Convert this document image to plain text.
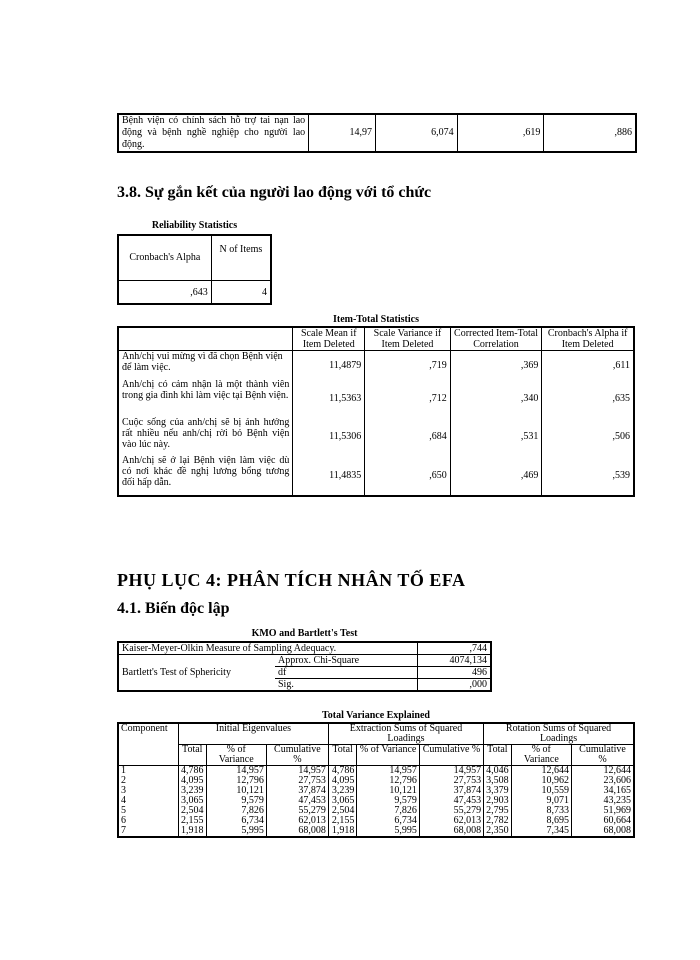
Bệnh viện có chính sách hỗ trợ tai nạn lao động và bệnh nghề nghiệp cho người lao động.	14,97	6,074	,619	,886
3.8. Sự gắn kết của người lao động với tổ chức
Reliability Statistics
Cronbach's Alpha	N of Items
,643	4
Item-Total Statistics
	Scale Mean if Item Deleted	Scale Variance if Item Deleted	Corrected Item-Total Correlation	Cronbach's Alpha if Item Deleted
Anh/chị vui mừng vì đã chọn Bệnh viện để làm việc.	11,4879	,719	,369	,611
Anh/chị có cảm nhận là một thành viên trong gia đình khi làm việc tại Bệnh viện.	11,5363	,712	,340	,635
Cuộc sống của anh/chị sẽ bị ảnh hưởng rất nhiều nếu anh/chị rời bỏ Bệnh viện vào lúc này.	11,5306	,684	,531	,506
Anh/chị sẽ ở lại Bệnh viện làm việc dù có nơi khác đề nghị lương bổng tương đối hấp dẫn.	11,4835	,650	,469	,539
PHỤ LỤC 4: PHÂN TÍCH NHÂN TỐ EFA
4.1. Biến độc lập
KMO and Bartlett's Test
Kaiser-Meyer-Olkin Measure of Sampling Adequacy.		,744
Bartlett's Test of Sphericity	Approx. Chi-Square	4074,134
	df	496
	Sig.	,000
Total Variance Explained
Component	Initial Eigenvalues			Extraction Sums of Squared Loadings			Rotation Sums of Squared Loadings		
	Total	% of Variance	Cumulative %	Total	% of Variance	Cumulative %	Total	% of Variance	Cumulative %
1	4,786	14,957	14,957	4,786	14,957	14,957	4,046	12,644	12,644
2	4,095	12,796	27,753	4,095	12,796	27,753	3,508	10,962	23,606
3	3,239	10,121	37,874	3,239	10,121	37,874	3,379	10,559	34,165
4	3,065	9,579	47,453	3,065	9,579	47,453	2,903	9,071	43,235
5	2,504	7,826	55,279	2,504	7,826	55,279	2,795	8,733	51,969
6	2,155	6,734	62,013	2,155	6,734	62,013	2,782	8,695	60,664
7	1,918	5,995	68,008	1,918	5,995	68,008	2,350	7,345	68,008
